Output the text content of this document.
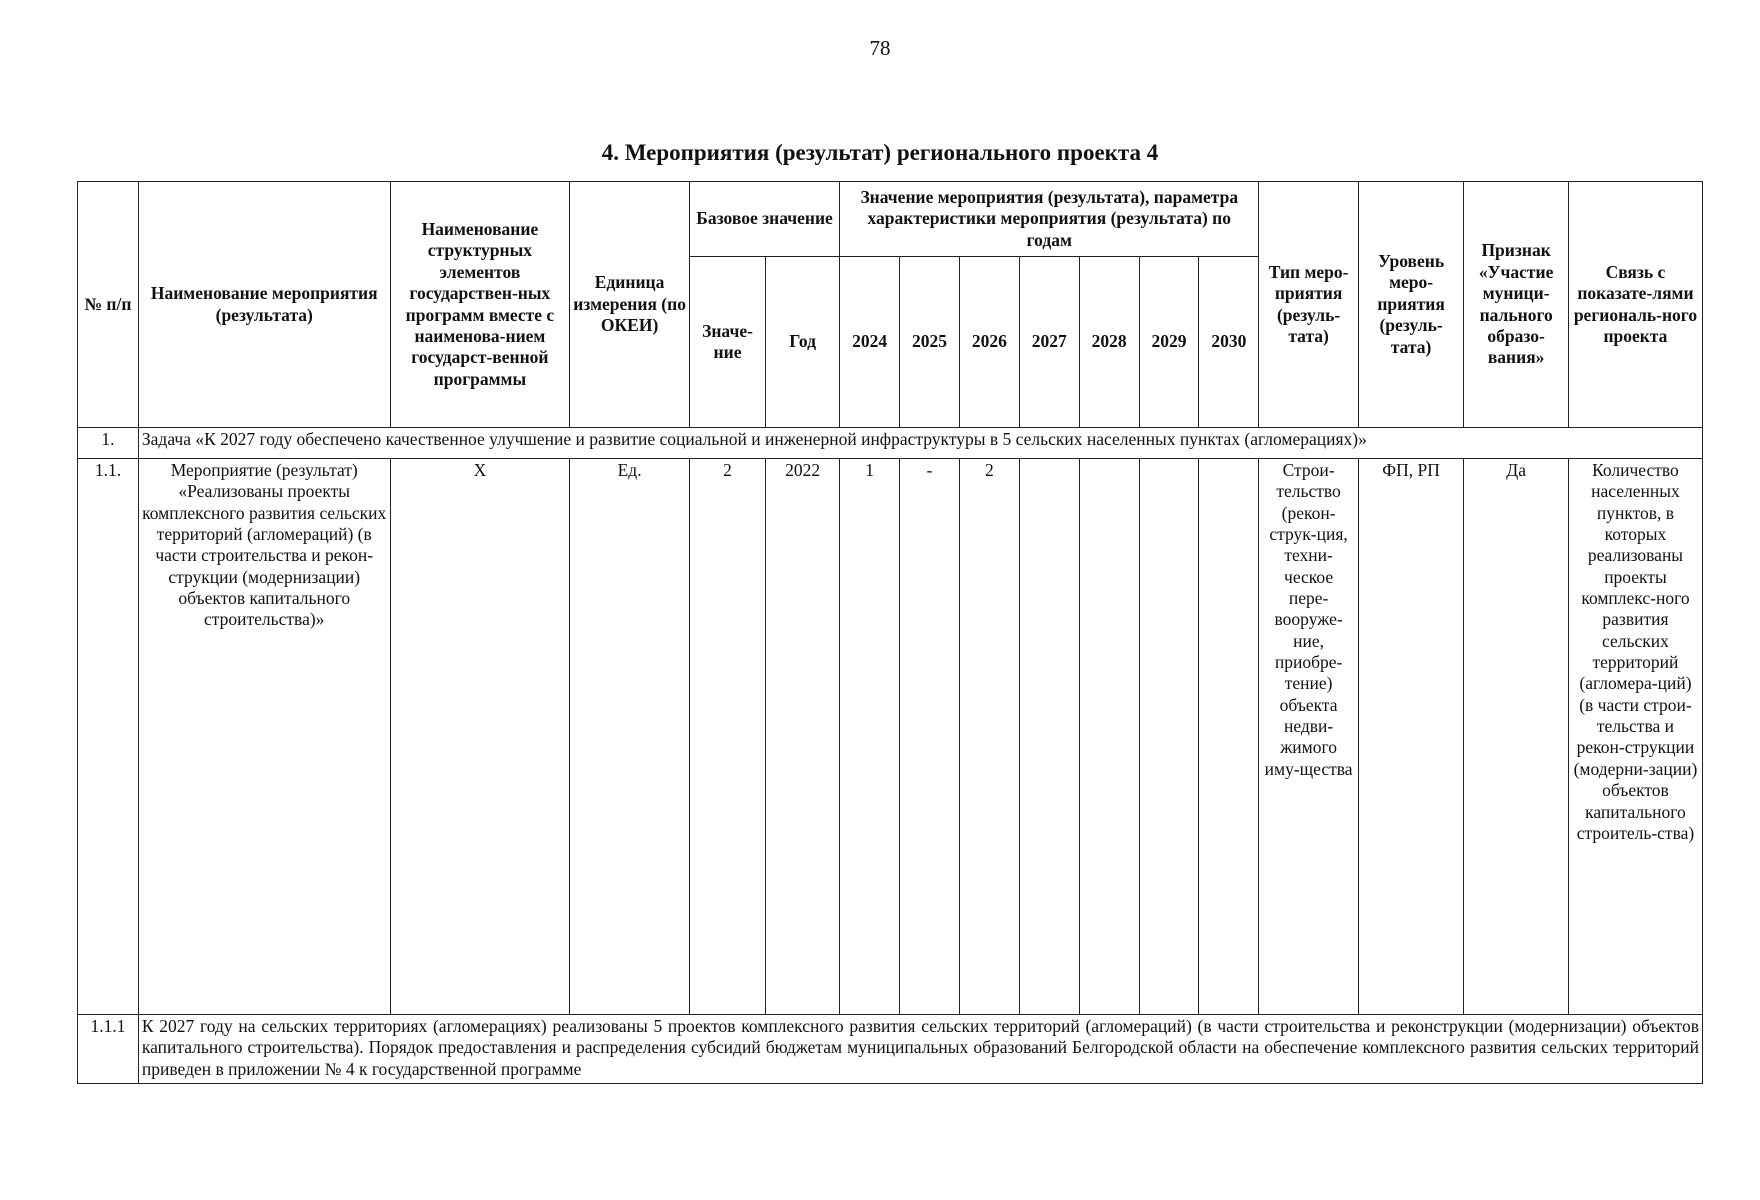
78
4. Мероприятия (результат) регионального проекта 4
№ п/п	Наименование мероприятия (результата)	Наименование структурных элементов государствен-ных программ вместе с наименова-нием государст-венной программы	Единица измерения (по ОКЕИ)	Базовое значение		Значение мероприятия (результата), параметра характеристики мероприятия (результата) по годам							Тип меро-приятия (резуль-тата)	Уровень меро-приятия (резуль-тата)	Признак «Участие муници-пального образо-вания»	Связь с показате-лями региональ-ного проекта
				Значе-ние	Год	2024	2025	2026	2027	2028	2029	2030				
1.	Задача «К 2027 году обеспечено качественное улучшение и развитие социальной и инженерной инфраструктуры в 5 сельских населенных пунктах (агломерациях)»															
1.1.	Мероприятие (результат) «Реализованы проекты комплексного развития сельских территорий (агломераций) (в части строительства и рекон-струкции (модернизации) объектов капитального строительства)»	Х	Ед.	2	2022	1	-	2					Строи-тельство (рекон-струк-ция, техни-ческое пере-вооруже-ние, приобре-тение) объекта недви-жимого иму-щества	ФП, РП	Да	Количество населенных пунктов, в которых реализованы проекты комплекс-ного развития сельских территорий (агломера-ций) (в части строи-тельства и рекон-струкции (модерни-зации) объектов капитального строитель-ства)
1.1.1	К 2027 году на сельских территориях (агломерациях) реализованы 5 проектов комплексного развития сельских территорий (агломераций) (в части строительства и реконструкции (модернизации) объектов капитального строительства). Порядок предоставления и распределения субсидий бюджетам муниципальных образований Белгородской области на обеспечение комплексного развития сельских территорий приведен в приложении № 4 к государственной программе															
